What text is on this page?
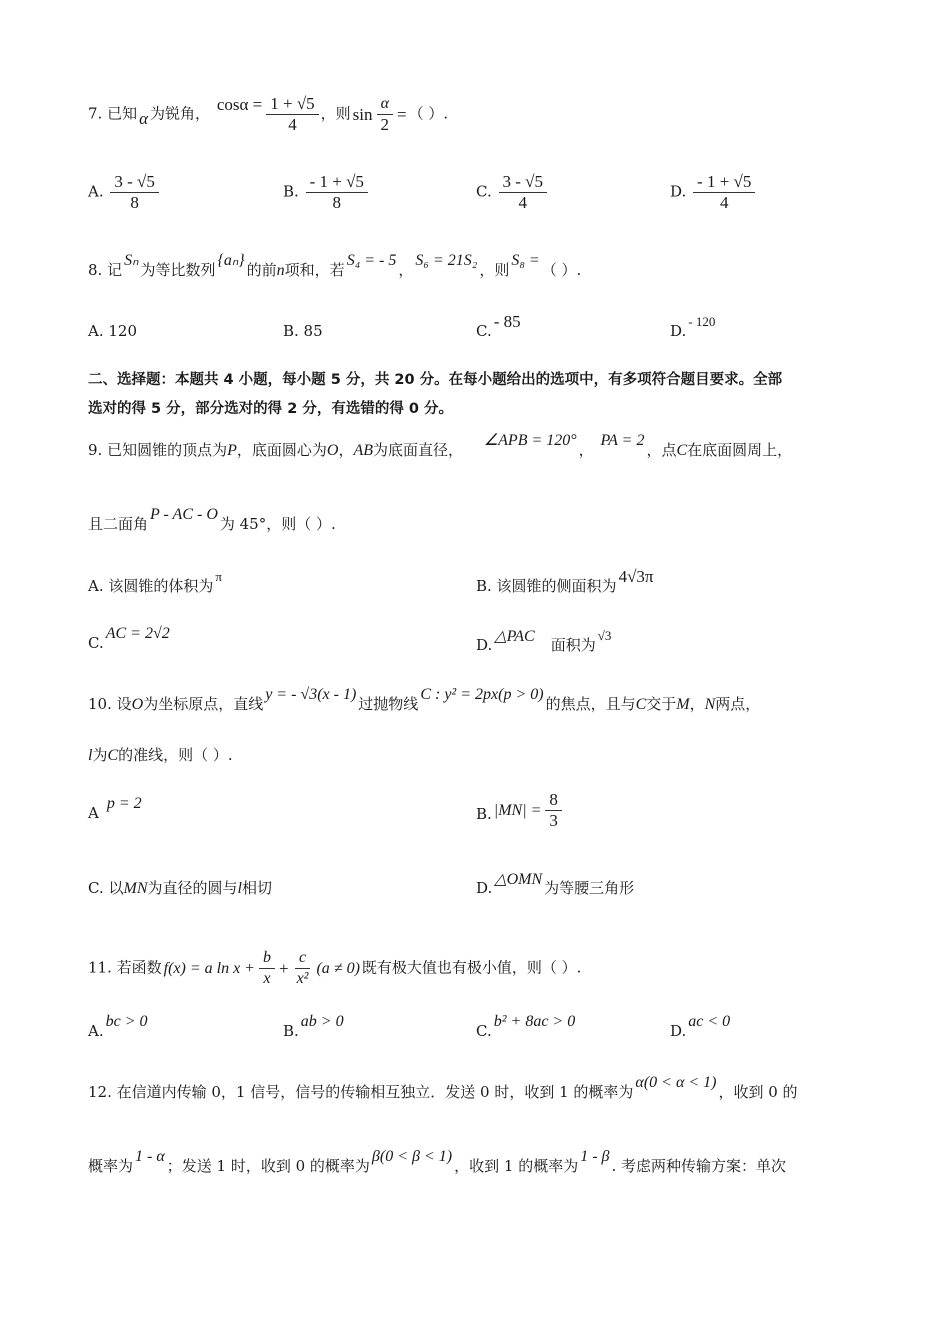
7. 已知 α 为锐角， $\cos\alpha = \frac{1 + √5}{4}$ ，则 $\sin \frac{\alpha}{2}$ = （ ）.
A. $\frac{3 - √5}{8}$	B. $\frac{- 1 + √5}{8}$	C. $\frac{3 - √5}{4}$	D. $\frac{- 1 + √5}{4}$
8. 记Sₙ为等比数列{aₙ}的前n项和，若S₄ = - 5，S₆ = 21S₂，则S₈ =（ ）.
A. 120	B. 85	C. - 85	D.- 120
二、选择题：本题共 4 小题，每小题 5 分，共 20 分。在每小题给出的选项中，有多项符合题目要求。全部
选对的得 5 分，部分选对的得 2 分，有选错的得 0 分。
9. 已知圆锥的顶点为P，底面圆心为O，AB为底面直径， ∠APB = 120°， PA = 2，点C在底面圆周上，
且二面角P - AC - O为 45°，则（ ）.
A. 该圆锥的体积为π
B. 该圆锥的侧面积为 4√3π
C.AC = 2√2
D. △PAC 面积为√3
10. 设O为坐标原点，直线y = - √3(x - 1)过抛物线C : y² = 2px(p > 0)的焦点，且与C交于M，N两点，
l为C的准线，则（ ）.
Ap = 2
B. $|MN| = \frac{8}{3}$
C. 以MN为直径的圆与l相切	D. △OMN 为等腰三角形
11. 若函数 f(x) = a $\ln x + \frac{b}{x} + \frac{c}{\text{x²}} (a \ne 0)$ 既有极大值也有极小值，则（ ）.
A.bc > 0
B.ab > 0
C.b² + 8ac > 0
D.ac < 0
12. 在信道内传输 0，1 信号，信号的传输相互独立．发送 0 时，收到 1 的概率为α(0 < α < 1)，收到 0 的
概率为1 - α；发送 1 时，收到 0 的概率为β(0 < β < 1)，收到 1 的概率为1 - β. 考虑两种传输方案：单次
